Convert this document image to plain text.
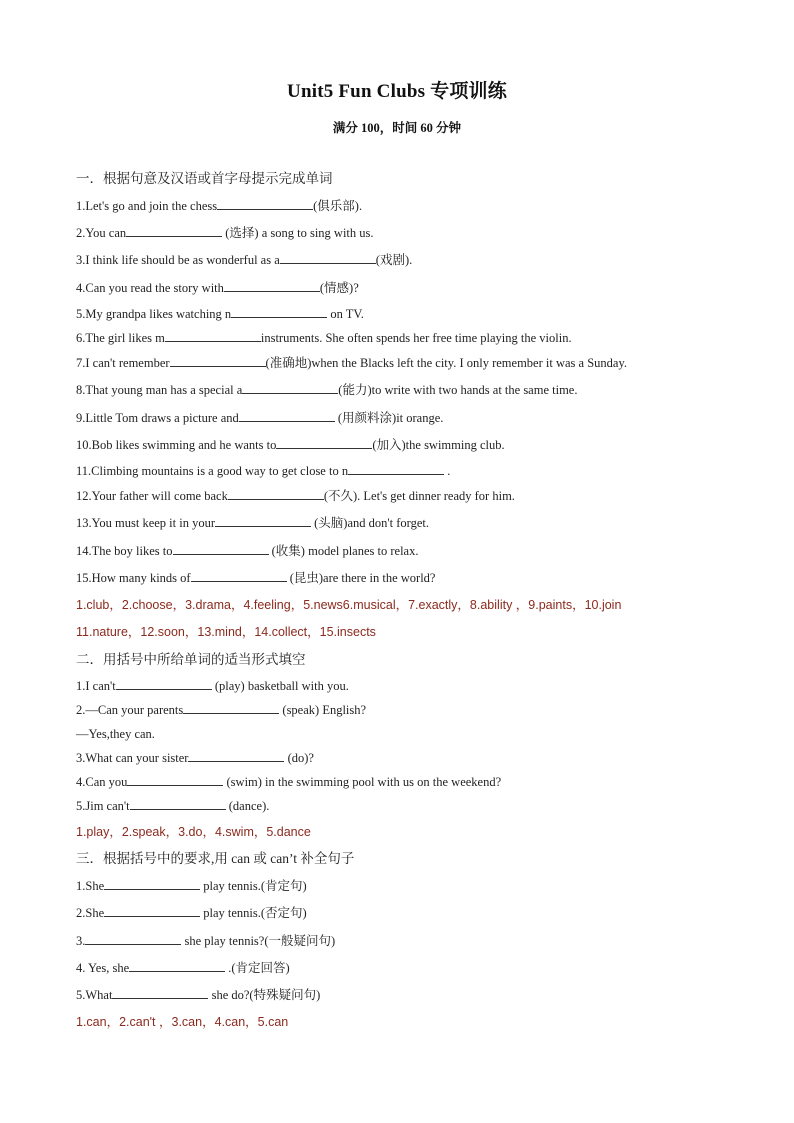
Unit5 Fun Clubs 专项训练
满分 100，时间 60 分钟
一．根据句意及汉语或首字母提示完成单词
1.Let's go and join the chess	(俱乐部).
2.You can	(选择) a song to sing with us.
3.I think life should be as wonderful as a	(戏剧).
4.Can you read the story with	(情感)?
5.My grandpa likes watching n	on TV.
6.The girl likes m	instruments. She often spends her free time playing the violin.
7.I can't remember	(准确地)when the Blacks left the city. I only remember it was a Sunday.
8.That young man has a special a	(能力)to write with two hands at the same time.
9.Little Tom draws a picture and	(用颜料涂)it orange.
10.Bob likes swimming and he wants to	(加入)the swimming club.
11.Climbing mountains is a good way to get close to n	.
12.Your father will come back	(不久). Let's get dinner ready for him.
13.You must keep it in your	(头脑)and don't forget.
14.The boy likes to	(收集) model planes to relax.
15.How many kinds of	(昆虫)are there in the world?
1.club，2.choose，3.drama，4.feeling，5.news6.musical，7.exactly，8.ability ，9.paints，10.join
11.nature，12.soon，13.mind，14.collect，15.insects
二．用括号中所给单词的适当形式填空
1.I can't	(play) basketball with you.
2.—Can your parents	(speak) English?
—Yes,they can.
3.What can your sister	(do)?
4.Can you	(swim) in the swimming pool with us on the weekend?
5.Jim can't	(dance).
1.play，2.speak，3.do，4.swim，5.dance
三．根据括号中的要求,用 can 或 can’t 补全句子
1.She	play tennis.(肯定句)
2.She	play tennis.(否定句)
3.	she play tennis?(一般疑问句)
4. Yes, she	.(肯定回答)
5.What	she do?(特殊疑问句)
1.can，2.can't ，3.can，4.can，5.can
